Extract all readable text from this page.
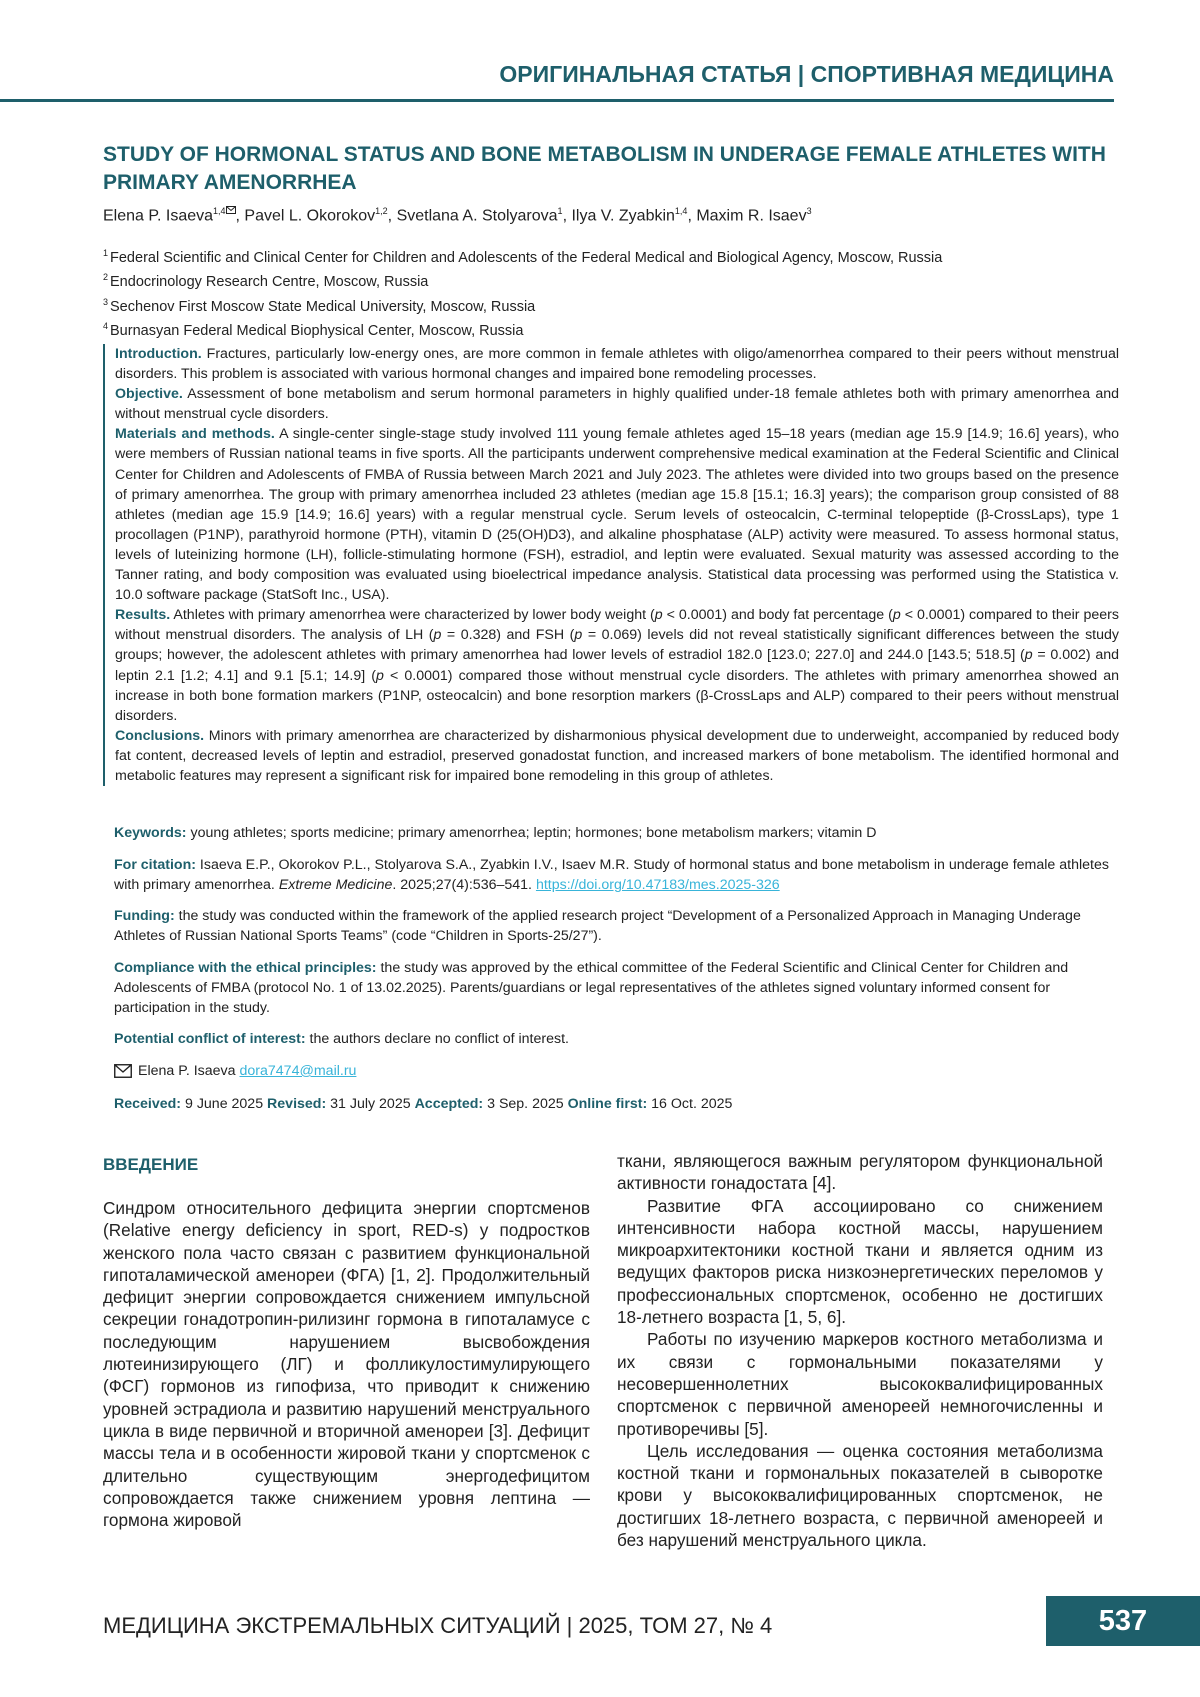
ОРИГИНАЛЬНАЯ СТАТЬЯ | СПОРТИВНАЯ МЕДИЦИНА
STUDY OF HORMONAL STATUS AND BONE METABOLISM IN UNDERAGE FEMALE ATHLETES WITH PRIMARY AMENORRHEA
Elena P. Isaeva$^{1,4}$ , Pavel L. Okorokov$^{1,2}$, Svetlana A. Stolyarova$^1$, Ilya V. Zyabkin$^{1,4}$, Maxim R. Isaev$^3$
$^1$ Federal Scientific and Clinical Center for Children and Adolescents of the Federal Medical and Biological Agency, Moscow, Russia
$^2$ Endocrinology Research Centre, Moscow, Russia
$^3$ Sechenov First Moscow State Medical University, Moscow, Russia
$^4$ Burnasyan Federal Medical Biophysical Center, Moscow, Russia

Introduction. Fractures, particularly low-energy ones, are more common in female athletes with oligo/amenorrhea compared to their peers without menstrual disorders. This problem is associated with various hormonal changes and impaired bone remodeling processes.

Objective. Assessment of bone metabolism and serum hormonal parameters in highly qualified under-18 female athletes both with primary amenorrhea and without menstrual cycle disorders.

Materials and methods. A single-center single-stage study involved 111 young female athletes aged 15–18 years (median age 15.9 [14.9; 16.6] years), who were members of Russian national teams in five sports. All the participants underwent comprehensive medical examination at the Federal Scientific and Clinical Center for Children and Adolescents of FMBA of Russia between March 2021 and July 2023. The athletes were divided into two groups based on the presence of primary amenorrhea. The group with primary amenorrhea included 23 athletes (median age 15.8 [15.1; 16.3] years); the comparison group consisted of 88 athletes (median age 15.9 [14.9; 16.6] years) with a regular menstrual cycle. Serum levels of osteocalcin, C-terminal telopeptide (β-CrossLaps), type 1 procollagen (P1NP), parathyroid hormone (PTH), vitamin D (25(OH)D3), and alkaline phosphatase (ALP) activity were measured. To assess hormonal status, levels of luteinizing hormone (LH), follicle-stimulating hormone (FSH), estradiol, and leptin were evaluated. Sexual maturity was assessed according to the Tanner rating, and body composition was evaluated using bioelectrical impedance analysis. Statistical data processing was performed using the Statistica v. 10.0 software package (StatSoft Inc., USA).

Results. Athletes with primary amenorrhea were characterized by lower body weight (p < 0.0001) and body fat percentage (p < 0.0001) compared to their peers without menstrual disorders. The analysis of LH (p = 0.328) and FSH (p = 0.069) levels did not reveal statistically significant differences between the study groups; however, the adolescent athletes with primary amenorrhea had lower levels of estradiol 182.0 [123.0; 227.0] and 244.0 [143.5; 518.5] (p = 0.002) and leptin 2.1 [1.2; 4.1] and 9.1 [5.1; 14.9] (p < 0.0001) compared those without menstrual cycle disorders. The athletes with primary amenorrhea showed an increase in both bone formation markers (P1NP, osteocalcin) and bone resorption markers (β-CrossLaps and ALP) compared to their peers without menstrual disorders.

Conclusions. Minors with primary amenorrhea are characterized by disharmonious physical development due to underweight, accompanied by reduced body fat content, decreased levels of leptin and estradiol, preserved gonadostat function, and increased markers of bone metabolism. The identified hormonal and metabolic features may represent a significant risk for impaired bone remodeling in this group of athletes.

Keywords: young athletes; sports medicine; primary amenorrhea; leptin; hormones; bone metabolism markers; vitamin D

For citation: Isaeva E.P., Okorokov P.L., Stolyarova S.A., Zyabkin I.V., Isaev M.R. Study of hormonal status and bone metabolism in underage female athletes with primary amenorrhea. Extreme Medicine. 2025;27(4):536–541. https://doi.org/10.47183/mes.2025-326

Funding: the study was conducted within the framework of the applied research project “Development of a Personalized Approach in Managing Underage Athletes of Russian National Sports Teams” (code “Children in Sports-25/27”).

Compliance with the ethical principles: the study was approved by the ethical committee of the Federal Scientific and Clinical Center for Children and Adolescents of FMBA (protocol No. 1 of 13.02.2025). Parents/guardians or legal representatives of the athletes signed voluntary informed consent for participation in the study.

Potential conflict of interest: the authors declare no conflict of interest.

Elena P. Isaeva dora7474@mail.ru

Received: 9 June 2025 Revised: 31 July 2025 Accepted: 3 Sep. 2025 Online first: 16 Oct. 2025

ВВЕДЕНИЕ

Синдром относительного дефицита энергии спортсменов (Relative energy deficiency in sport, RED-s) у подростков женского пола часто связан с развитием функциональной гипоталамической аменореи (ФГА) [1, 2]. Продолжительный дефицит энергии сопровождается снижением импульсной секреции гонадотропин-рилизинг гормона в гипоталамусе с последующим нарушением высвобождения лютеинизирующего (ЛГ) и фолликулостимулирующего (ФСГ) гормонов из гипофиза, что приводит к снижению уровней эстрадиола и развитию нарушений менструального цикла в виде первичной и вторичной аменореи [3]. Дефицит массы тела и в особенности жировой ткани у спортсменок с длительно существующим энергодефицитом сопровождается также снижением уровня лептина — гормона жировой

ткани, являющегося важным регулятором функциональной активности гонадостата [4].

Развитие ФГА ассоциировано со снижением интенсивности набора костной массы, нарушением микроархитектоники костной ткани и является одним из ведущих факторов риска низкоэнергетических переломов у профессиональных спортсменок, особенно не достигших 18-летнего возраста [1, 5, 6].

Работы по изучению маркеров костного метаболизма и их связи с гормональными показателями у несовершеннолетних высококвалифицированных спортсменок с первичной аменореей немногочисленны и противоречивы [5].

Цель исследования — оценка состояния метаболизма костной ткани и гормональных показателей в сыворотке крови у высококвалифицированных спортсменок, не достигших 18-летнего возраста, с первичной аменореей и без нарушений менструального цикла.

МЕДИЦИНА ЭКСТРЕМАЛЬНЫХ СИТУАЦИЙ | 2025, ТОМ 27, № 4	537
